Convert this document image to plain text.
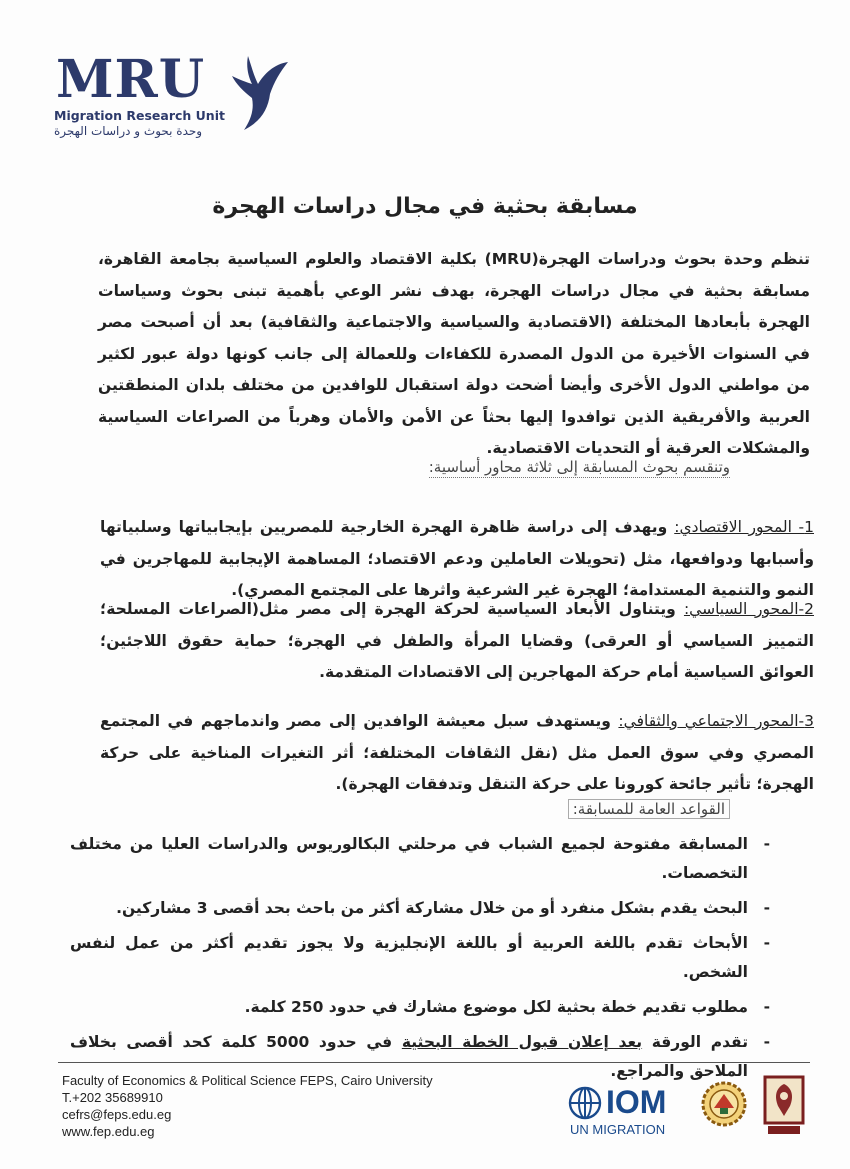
MRU
Migration Research Unit
وحدة بحوث و دراسات الهجرة
مسابقة بحثية في مجال دراسات الهجرة
تنظم وحدة بحوث ودراسات الهجرة(MRU) بكلية الاقتصاد والعلوم السياسية بجامعة القاهرة، مسابقة بحثية في مجال دراسات الهجرة، بهدف نشر الوعي بأهمية تبنى بحوث وسياسات الهجرة بأبعادها المختلفة (الاقتصادية والسياسية والاجتماعية والثقافية) بعد أن أصبحت مصر في السنوات الأخيرة من الدول المصدرة للكفاءات وللعمالة إلى جانب كونها دولة عبور لكثير من مواطني الدول الأخرى وأيضا أضحت دولة استقبال للوافدين من مختلف بلدان المنطقتين العربية والأفريقية الذين توافدوا إليها بحثاً عن الأمن والأمان وهرباً من الصراعات السياسية والمشكلات العرقية أو التحديات الاقتصادية.
وتنقسم بحوث المسابقة إلى ثلاثة محاور أساسية:
1- المحور الاقتصادي: ويهدف إلى دراسة ظاهرة الهجرة الخارجية للمصريين بإيجابياتها وسلبياتها وأسبابها ودوافعها، مثل (تحويلات العاملين ودعم الاقتصاد؛ المساهمة الإيجابية للمهاجرين في النمو والتنمية المستدامة؛ الهجرة غير الشرعية واثرها على المجتمع المصري).
2-المحور السياسي: ويتناول الأبعاد السياسية لحركة الهجرة إلى مصر مثل(الصراعات المسلحة؛ التمييز السياسي أو العرقى) وقضايا المرأة والطفل في الهجرة؛ حماية حقوق اللاجئين؛ العوائق السياسية أمام حركة المهاجرين إلى الاقتصادات المتقدمة.
3-المحور الاجتماعي والثقافي: ويستهدف سبل معيشة الوافدين إلى مصر واندماجهم في المجتمع المصري وفي سوق العمل مثل (نقل الثقافات المختلفة؛ أثر التغيرات المناخية على حركة الهجرة؛ تأثير جائحة كورونا على حركة التنقل وتدفقات الهجرة).
القواعد العامة للمسابقة:
-
المسابقة مفتوحة لجميع الشباب في مرحلتي البكالوريوس والدراسات العليا من مختلف التخصصات.
-
البحث يقدم بشكل منفرد أو من خلال مشاركة أكثر من باحث بحد أقصى 3 مشاركين.
-
الأبحاث تقدم باللغة العربية أو باللغة الإنجليزية ولا يجوز تقديم أكثر من عمل لنفس الشخص.
-
مطلوب تقديم خطة بحثية لكل موضوع مشارك في حدود 250 كلمة.
-
تقدم الورقة بعد إعلان قبول الخطة البحثية في حدود 5000 كلمة كحد أقصى بخلاف الملاحق والمراجع.
Faculty of Economics & Political Science FEPS, Cairo University
T.+202 35689910
cefrs@feps.edu.eg
www.fep.edu.eg
IOM
UN MIGRATION
